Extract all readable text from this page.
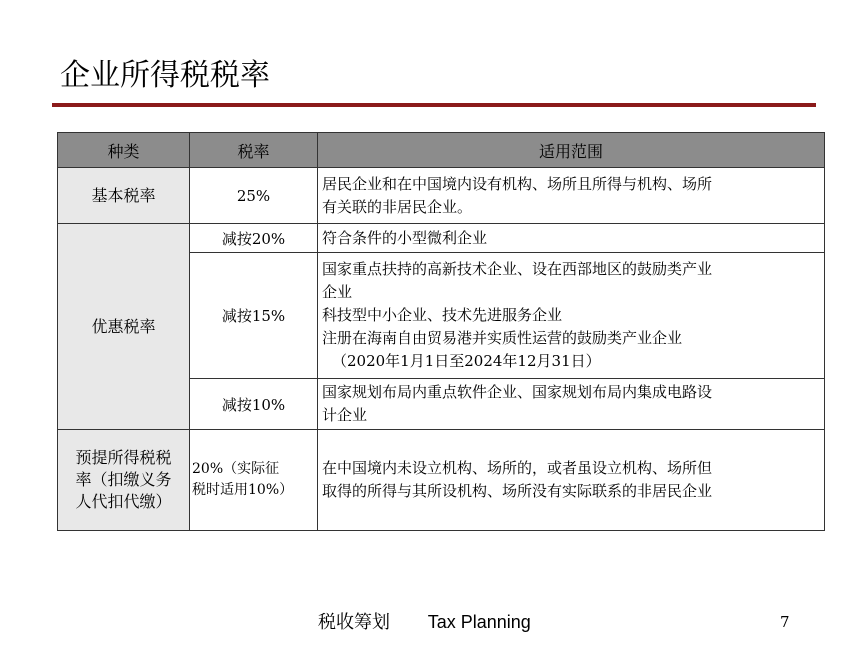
企业所得税税率
种类	税率	适用范围
基本税率	25%	居民企业和在中国境内设有机构、场所且所得与机构、场所
有关联的非居民企业。

优惠税率	减按20%	符合条件的小型微利企业

	减按15%	国家重点扶持的高新技术企业、设在西部地区的鼓励类产业
企业
科技型中小企业、技术先进服务企业
注册在海南自由贸易港并实质性运营的鼓励类产业企业
（2020年1月1日至2024年12月31日）

	减按10%	国家规划布局内重点软件企业、国家规划布局内集成电路设
计企业

预提所得税税
率（扣缴义务
人代扣代缴）	20%（实际征
税时适用10%）	在中国境内未设立机构、场所的，或者虽设立机构、场所但
取得的所得与其所设机构、场所没有实际联系的非居民企业
税收筹划 Tax Planning	7
